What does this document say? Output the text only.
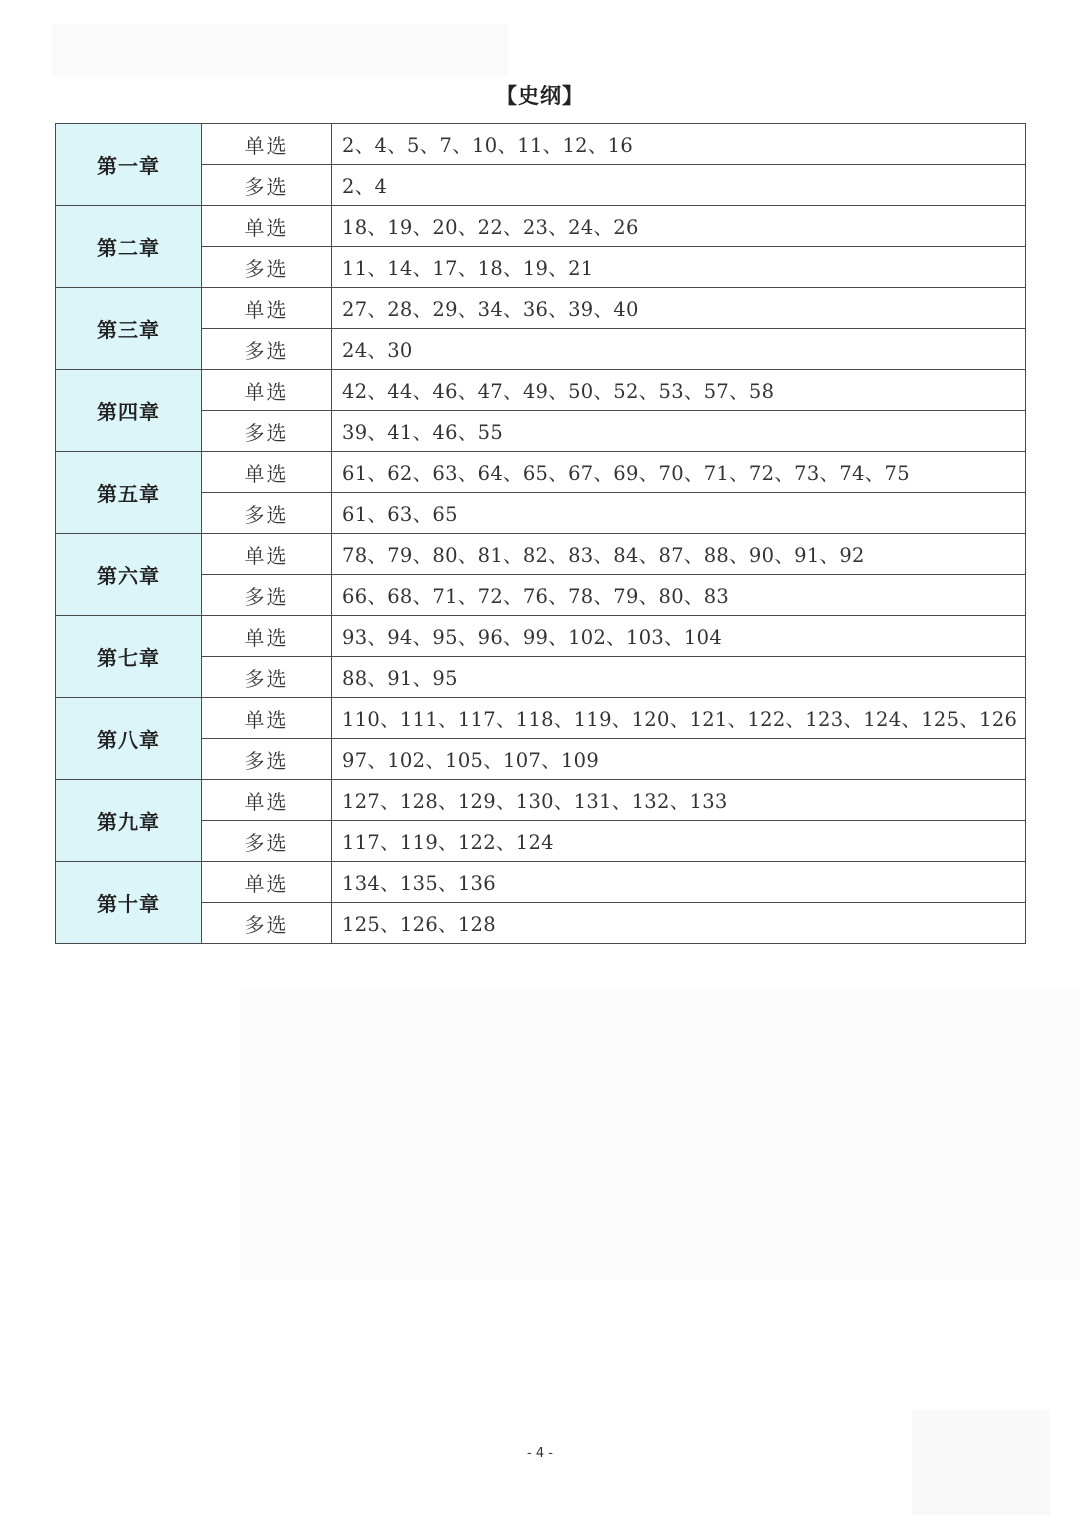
【史纲】
第一章	单选	2、4、5、7、10、11、12、16
	多选	2、4
第二章	单选	18、19、20、22、23、24、26
	多选	11、14、17、18、19、21
第三章	单选	27、28、29、34、36、39、40
	多选	24、30
第四章	单选	42、44、46、47、49、50、52、53、57、58
	多选	39、41、46、55
第五章	单选	61、62、63、64、65、67、69、70、71、72、73、74、75
	多选	61、63、65
第六章	单选	78、79、80、81、82、83、84、87、88、90、91、92
	多选	66、68、71、72、76、78、79、80、83
第七章	单选	93、94、95、96、99、102、103、104
	多选	88、91、95
第八章	单选	110、111、117、118、119、120、121、122、123、124、125、126
	多选	97、102、105、107、109
第九章	单选	127、128、129、130、131、132、133
	多选	117、119、122、124
第十章	单选	134、135、136
	多选	125、126、128
- 4 -
